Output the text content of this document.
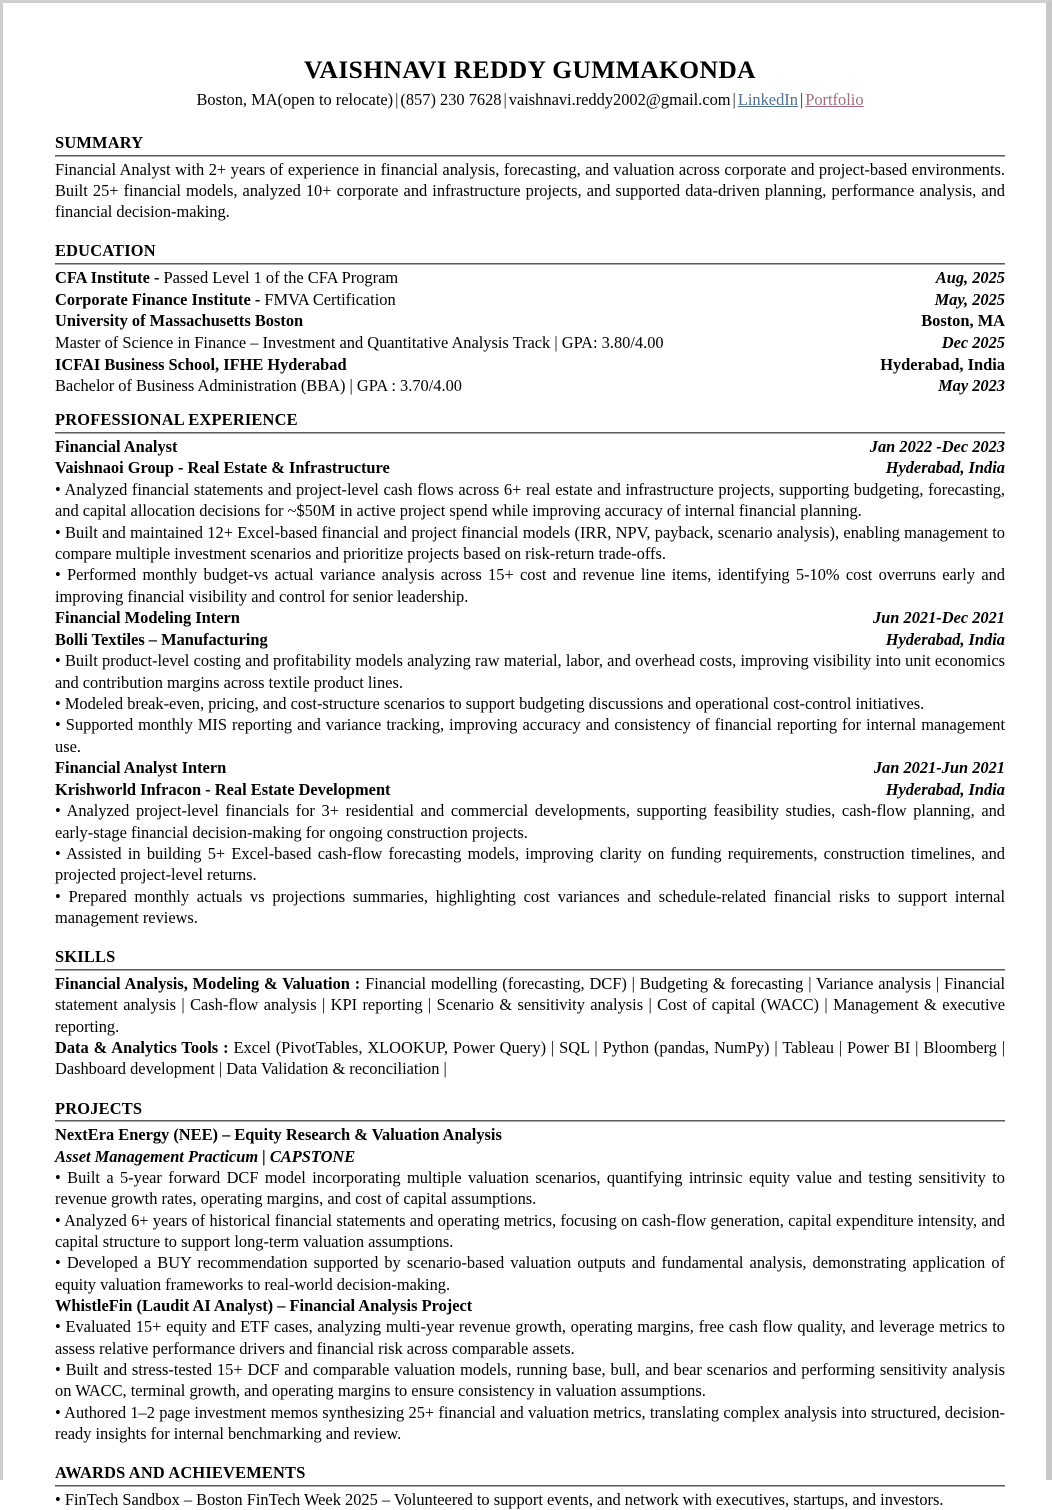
VAISHNAVI REDDY GUMMAKONDA
Boston, MA(open to relocate) | (857) 230 7628 | vaishnavi.reddy2002@gmail.com | LinkedIn | Portfolio
SUMMARY
Financial Analyst with 2+ years of experience in financial analysis, forecasting, and valuation across corporate and project-based environments. Built 25+ financial models, analyzed 10+ corporate and infrastructure projects, and supported data-driven planning, performance analysis, and financial decision-making.
EDUCATION
CFA Institute - Passed Level 1 of the CFA Program	Aug, 2025
Corporate Finance Institute - FMVA Certification	May, 2025
University of Massachusetts Boston	Boston, MA
Master of Science in Finance – Investment and Quantitative Analysis Track | GPA: 3.80/4.00	Dec 2025
ICFAI Business School, IFHE Hyderabad	Hyderabad, India
Bachelor of Business Administration (BBA) | GPA : 3.70/4.00	May 2023
PROFESSIONAL EXPERIENCE
Financial Analyst	Jan 2022 -Dec 2023
Vaishnaoi Group - Real Estate & Infrastructure	Hyderabad, India

• Analyzed financial statements and project-level cash flows across 6+ real estate and infrastructure projects, supporting budgeting, forecasting, and capital allocation decisions for ~$50M in active project spend while improving accuracy of internal financial planning.

• Built and maintained 12+ Excel-based financial and project financial models (IRR, NPV, payback, scenario analysis), enabling management to compare multiple investment scenarios and prioritize projects based on risk-return trade-offs.

• Performed monthly budget-vs actual variance analysis across 15+ cost and revenue line items, identifying 5-10% cost overruns early and improving financial visibility and control for senior leadership.

Financial Modeling Intern	Jun 2021-Dec 2021
Bolli Textiles – Manufacturing	Hyderabad, India

• Built product-level costing and profitability models analyzing raw material, labor, and overhead costs, improving visibility into unit economics and contribution margins across textile product lines.

• Modeled break-even, pricing, and cost-structure scenarios to support budgeting discussions and operational cost-control initiatives.

• Supported monthly MIS reporting and variance tracking, improving accuracy and consistency of financial reporting for internal management use.

Financial Analyst Intern	Jan 2021-Jun 2021
Krishworld Infracon - Real Estate Development	Hyderabad, India

• Analyzed project-level financials for 3+ residential and commercial developments, supporting feasibility studies, cash-flow planning, and early-stage financial decision-making for ongoing construction projects.

• Assisted in building 5+ Excel-based cash-flow forecasting models, improving clarity on funding requirements, construction timelines, and projected project-level returns.

• Prepared monthly actuals vs projections summaries, highlighting cost variances and schedule-related financial risks to support internal management reviews.

SKILLS
Financial Analysis, Modeling & Valuation : Financial modelling (forecasting, DCF) | Budgeting & forecasting | Variance analysis | Financial statement analysis | Cash-flow analysis | KPI reporting | Scenario & sensitivity analysis | Cost of capital (WACC) | Management & executive reporting.
Data & Analytics Tools : Excel (PivotTables, XLOOKUP, Power Query) | SQL | Python (pandas, NumPy) | Tableau | Power BI | Bloomberg | Dashboard development | Data Validation & reconciliation |
PROJECTS
NextEra Energy (NEE) – Equity Research & Valuation Analysis
Asset Management Practicum | CAPSTONE

• Built a 5-year forward DCF model incorporating multiple valuation scenarios, quantifying intrinsic equity value and testing sensitivity to revenue growth rates, operating margins, and cost of capital assumptions.

• Analyzed 6+ years of historical financial statements and operating metrics, focusing on cash-flow generation, capital expenditure intensity, and capital structure to support long-term valuation assumptions.

• Developed a BUY recommendation supported by scenario-based valuation outputs and fundamental analysis, demonstrating application of equity valuation frameworks to real-world decision-making.

WhistleFin (Laudit AI Analyst) – Financial Analysis Project

• Evaluated 15+ equity and ETF cases, analyzing multi-year revenue growth, operating margins, free cash flow quality, and leverage metrics to assess relative performance drivers and financial risk across comparable assets.

• Built and stress-tested 15+ DCF and comparable valuation models, running base, bull, and bear scenarios and performing sensitivity analysis on WACC, terminal growth, and operating margins to ensure consistency in valuation assumptions.

• Authored 1–2 page investment memos synthesizing 25+ financial and valuation metrics, translating complex analysis into structured, decision-ready insights for internal benchmarking and review.

AWARDS AND ACHIEVEMENTS

• FinTech Sandbox – Boston FinTech Week 2025 – Volunteered to support events, and network with executives, startups, and investors.
